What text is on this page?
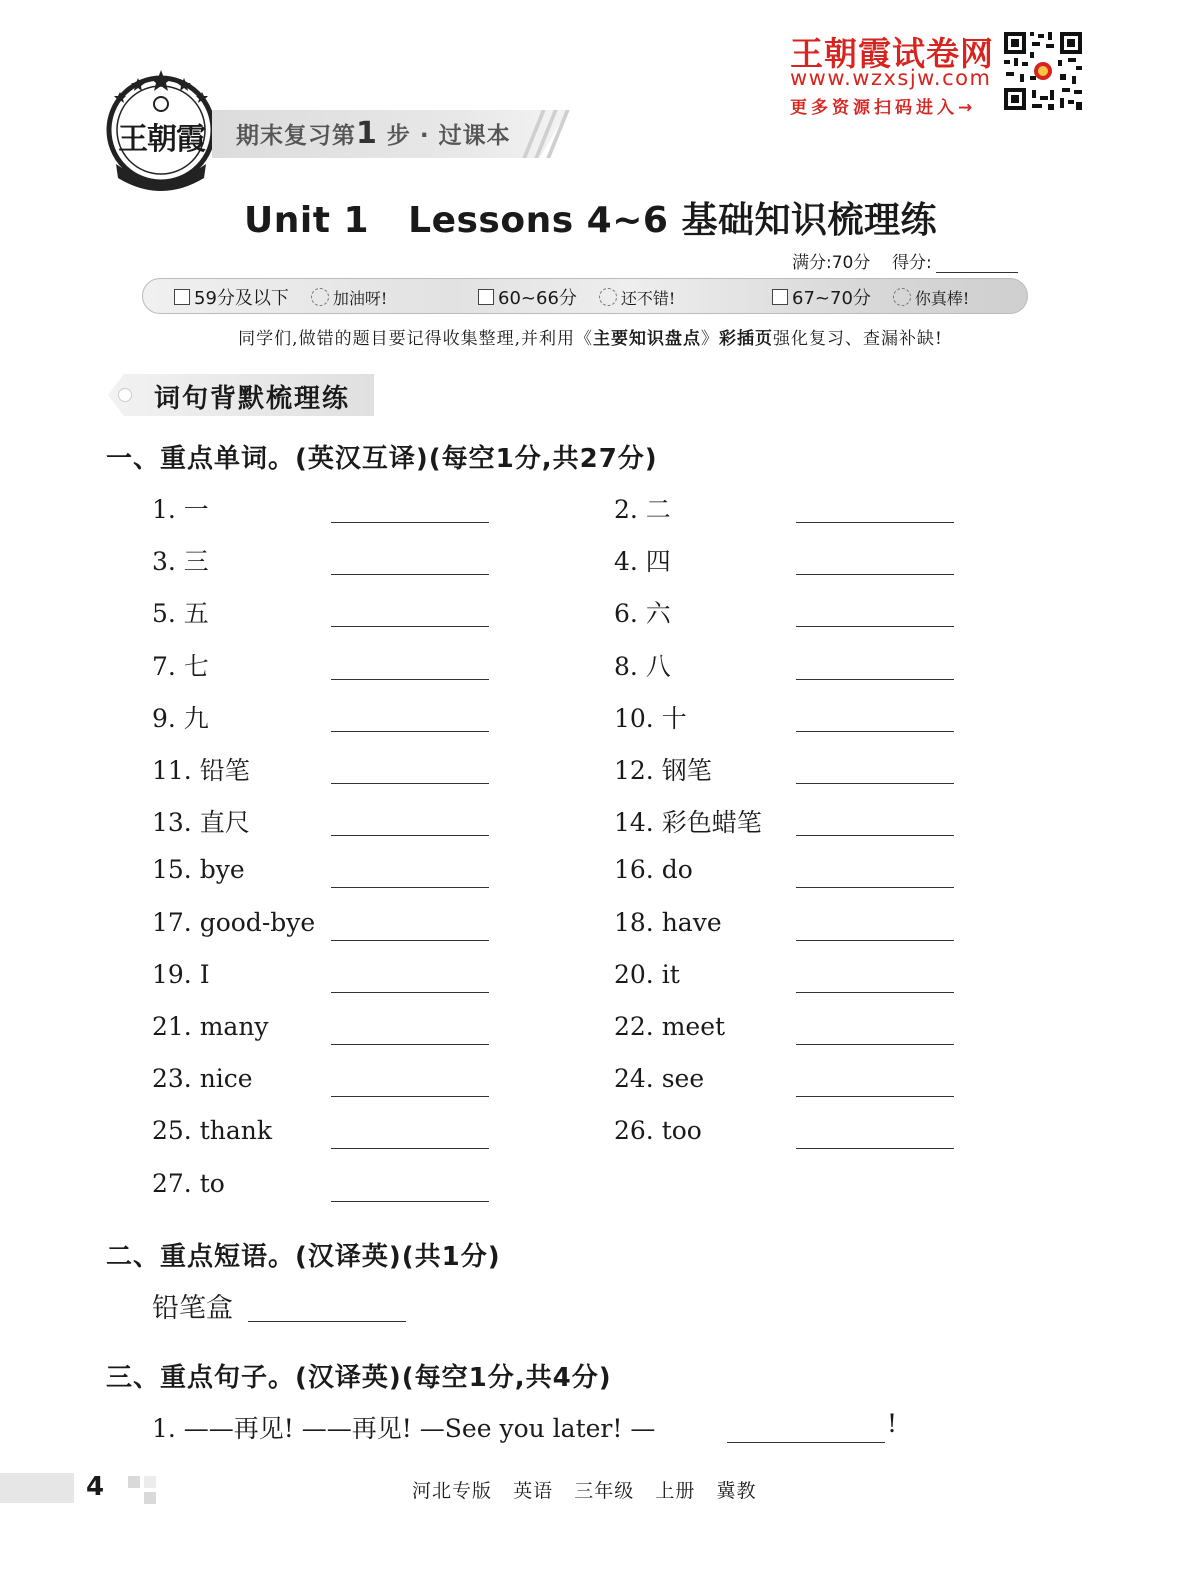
王朝霞 期末复习第1 步 · 过课本
王朝霞试卷网
www.wzxsjw.com
更多资源扫码进入→
Unit 1   Lessons 4~6 基础知识梳理练
满分:70分 得分:
59分及以下	加油呀!	60~66分	还不错!	67~70分	你真棒!
同学们,做错的题目要记得收集整理,并利用《主要知识盘点》彩插页强化复习、查漏补缺!
词句背默梳理练
一、重点单词。(英汉互译)(每空1分,共27分)
1. 一	2. 二
3. 三	4. 四
5. 五	6. 六
7. 七	8. 八
9. 九	10. 十
11. 铅笔	12. 钢笔
13. 直尺	14. 彩色蜡笔
15. bye	16. do
17. good-bye	18. have
19. I	20. it
21. many	22. meet
23. nice	24. see
25. thank	26. too
27. to
二、重点短语。(汉译英)(共1分)
铅笔盒
三、重点句子。(汉译英)(每空1分,共4分)
1. ——再见! ——再见! —See you later! —	!
4	河北专版   英语   三年级   上册   冀教
